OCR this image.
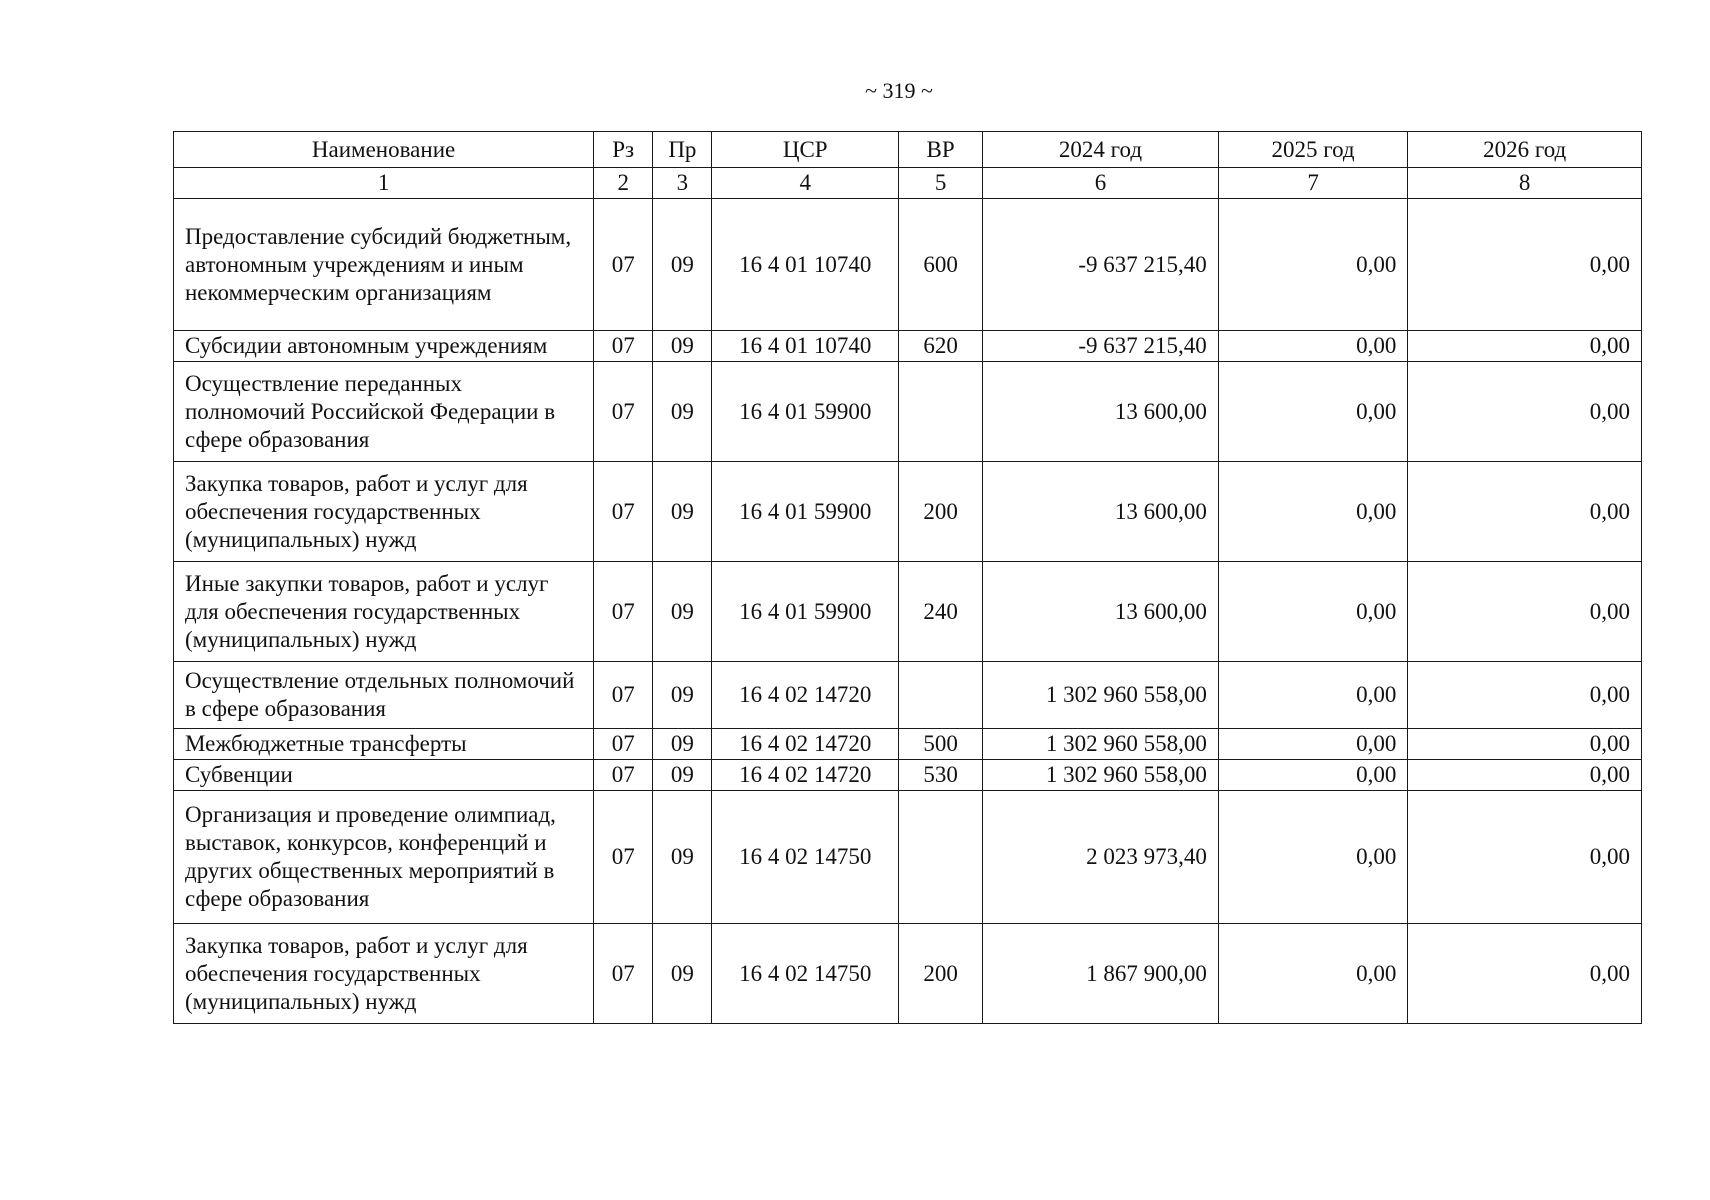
~ 319 ~
Наименование	Рз	Пр	ЦСР	ВР	2024 год	2025 год	2026 год
1	2	3	4	5	6	7	8
Предоставление субсидий бюджетным, автономным учреждениям и иным некоммерческим организациям	07	09	16 4 01 10740	600	-9 637 215,40	0,00	0,00
Субсидии автономным учреждениям	07	09	16 4 01 10740	620	-9 637 215,40	0,00	0,00
Осуществление переданных полномочий Российской Федерации в сфере образования	07	09	16 4 01 59900		13 600,00	0,00	0,00
Закупка товаров, работ и услуг для обеспечения государственных (муниципальных) нужд	07	09	16 4 01 59900	200	13 600,00	0,00	0,00
Иные закупки товаров, работ и услуг для обеспечения государственных (муниципальных) нужд	07	09	16 4 01 59900	240	13 600,00	0,00	0,00
Осуществление отдельных полномочий в сфере образования	07	09	16 4 02 14720		1 302 960 558,00	0,00	0,00
Межбюджетные трансферты	07	09	16 4 02 14720	500	1 302 960 558,00	0,00	0,00
Субвенции	07	09	16 4 02 14720	530	1 302 960 558,00	0,00	0,00
Организация и проведение олимпиад, выставок, конкурсов, конференций и других общественных мероприятий в сфере образования	07	09	16 4 02 14750		2 023 973,40	0,00	0,00
Закупка товаров, работ и услуг для обеспечения государственных (муниципальных) нужд	07	09	16 4 02 14750	200	1 867 900,00	0,00	0,00
